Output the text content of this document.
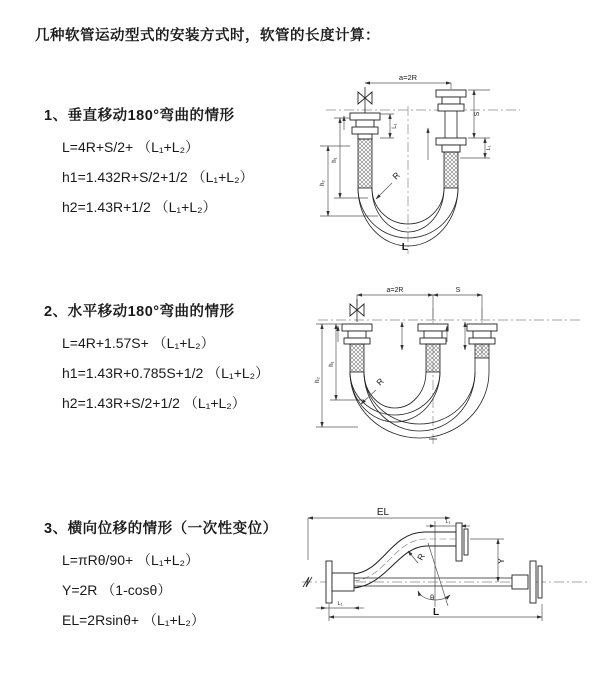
几种软管运动型式的安装方式时，软管的长度计算：
1、垂直移动180°弯曲的情形
L=4R+S/2+ （L₁+L₂）
h1=1.432R+S/2+1/2 （L₁+L₂）
h2=1.43R+1/2 （L₁+L₂）
2、水平移动180°弯曲的情形
L=4R+1.57S+ （L₁+L₂）
h1=1.43R+0.785S+1/2 （L₁+L₂）
h2=1.43R+S/2+1/2 （L₁+L₂）
3、横向位移的情形（一次性变位）
L=πRθ/90+ （L₁+L₂）
Y=2R （1-cosθ）
EL=2Rsinθ+ （L₁+L₂）
a=2R
L₁
S
L₁
h₁
h₂
R
L
a=2R	S
h₁
h₂	R
EL
L₁
Y
θ
R
L
L₁
